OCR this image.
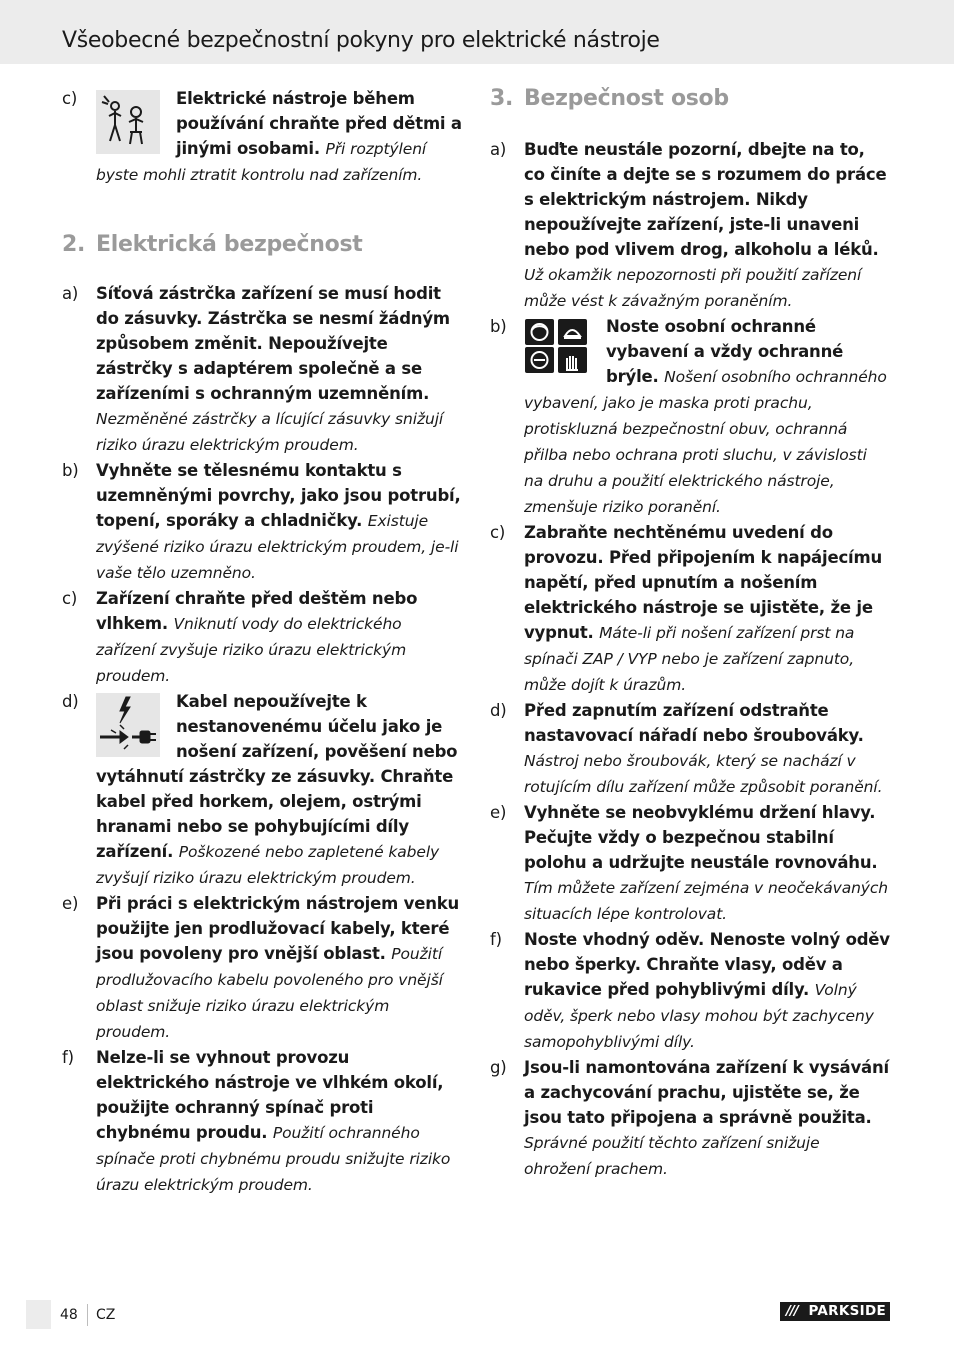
Všeobecné bezpečnostní pokyny pro elektrické nástroje
c)	Elektrické nástroje během používání chraňte před dětmi a jinými osobami. Při rozptýlení byste mohli ztratit kontrolu nad zařízením.
2. Elektrická bezpečnost
a) Síťová zástrčka zařízení se musí hodit do zásuvky. Zástrčka se nesmí žádným způsobem změnit. Nepoužívejte zástrčky s adaptérem společně a se zařízeními s ochranným uzemněním. Nezměněné zástrčky a lícující zásuvky snižují riziko úrazu elektrickým proudem.
b) Vyhněte se tělesnému kontaktu s uzemněnými povrchy, jako jsou potrubí, topení, sporáky a chladničky. Existuje zvýšené riziko úrazu elektrickým proudem, je-li vaše tělo uzemněno.
c) Zařízení chraňte před deštěm nebo vlhkem. Vniknutí vody do elektrického zařízení zvyšuje riziko úrazu elektrickým proudem.
d)	Kabel nepoužívejte k nestanovenému účelu jako je nošení zařízení, pověšení nebo vytáhnutí zástrčky ze zásuvky. Chraňte kabel před horkem, olejem, ostrými hranami nebo se pohybujícími díly zařízení. Poškozené nebo zapletené kabely zvyšují riziko úrazu elektrickým proudem.
e) Při práci s elektrickým nástrojem venku použijte jen prodlužovací kabely, které jsou povoleny pro vnější oblast. Použití prodlužovacího kabelu povoleného pro vnější oblast snižuje riziko úrazu elektrickým proudem.
f) Nelze-li se vyhnout provozu elektrického nástroje ve vlhkém okolí, použijte ochranný spínač proti chybnému proudu. Použití ochranného spínače proti chybnému proudu snižujte riziko úrazu elektrickým proudem.
3. Bezpečnost osob
a) Buďte neustále pozorní, dbejte na to, co činíte a dejte se s rozumem do práce s elektrickým nástrojem. Nikdy nepoužívejte zařízení, jste-li unaveni nebo pod vlivem drog, alkoholu a léků. Už okamžik nepozornosti při použití zařízení může vést k závažným poraněním.
b)	Noste osobní ochranné vybavení a vždy ochranné brýle. Nošení osobního ochranného vybavení, jako je maska proti prachu, protiskluzná bezpečnostní obuv, ochranná přilba nebo ochrana proti sluchu, v závislosti na druhu a použití elektrického nástroje, zmenšuje riziko poranění.
c) Zabraňte nechtěnému uvedení do provozu. Před připojením k napájecímu napětí, před upnutím a nošením elektrického nástroje se ujistěte, že je vypnut. Máte-li při nošení zařízení prst na spínači ZAP / VYP nebo je zařízení zapnuto, může dojít k úrazům.
d) Před zapnutím zařízení odstraňte nastavovací nářadí nebo šroubováky. Nástroj nebo šroubovák, který se nachází v rotujícím dílu zařízení může způsobit poranění.
e) Vyhněte se neobvyklému držení hlavy. Pečujte vždy o bezpečnou stabilní polohu a udržujte neustále rovnováhu. Tím můžete zařízení zejména v neočekávaných situacích lépe kontrolovat.
f) Noste vhodný oděv. Nenoste volný oděv nebo šperky. Chraňte vlasy, oděv a rukavice před pohyblivými díly. Volný oděv, šperk nebo vlasy mohou být zachyceny samopohyblivými díly.
g) Jsou-li namontována zařízení k vysávání a zachycování prachu, ujistěte se, že jsou tato připojena a správně použita. Správné použití těchto zařízení snižuje ohrožení prachem.
48 CZ	/// PARKSIDE
